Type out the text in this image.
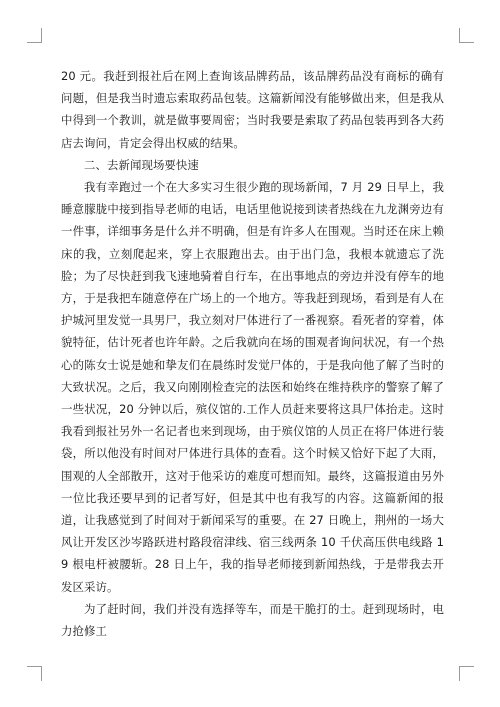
20 元。我赶到报社后在网上查询该品牌药品，该品牌药品没有商标的确有问题，但是我当时遗忘索取药品包装。这篇新闻没有能够做出来，但是我从中得到一个教训，就是做事要周密；当时我要是索取了药品包装再到各大药店去询问，肯定会得出权威的结果。

二、去新闻现场要快速

我有幸跑过一个在大多实习生很少跑的现场新闻，7 月 29 日早上，我睡意朦胧中接到指导老师的电话，电话里他说接到读者热线在九龙渊旁边有一件事，详细事务是什么并不明确，但是有许多人在围观。当时还在床上赖床的我，立刻爬起来，穿上衣服跑出去。由于出门急，我根本就遗忘了洗脸；为了尽快赶到我飞速地骑着自行车，在出事地点的旁边并没有停车的地方，于是我把车随意停在广场上的一个地方。等我赶到现场，看到是有人在护城河里发觉一具男尸，我立刻对尸体进行了一番视察。看死者的穿着，体貌特征，估计死者也许年龄。之后我就向在场的围观者询问状况，有一个热心的陈女士说是她和挚友们在晨练时发觉尸体的，于是我向他了解了当时的大致状况。之后，我又向刚刚检查完的法医和始终在维持秩序的警察了解了一些状况，20 分钟以后，殡仪馆的.工作人员赶来要将这具尸体抬走。这时我看到报社另外一名记者也来到现场，由于殡仪馆的人员正在将尸体进行装袋，所以他没有时间对尸体进行具体的查看。这个时候又恰好下起了大雨，围观的人全部散开，这对于他采访的难度可想而知。最终，这篇报道由另外一位比我还要早到的记者写好，但是其中也有我写的内容。这篇新闻的报道，让我感觉到了时间对于新闻采写的重要。在 27 日晚上，荆州的一场大风让开发区沙岑路跃进村路段宿津线、宿三线两条 10 千伏高压供电线路 19 根电杆被腰斩。28 日上午，我的指导老师接到新闻热线，于是带我去开发区采访。

为了赶时间，我们并没有选择等车，而是干脆打的士。赶到现场时，电力抢修工
